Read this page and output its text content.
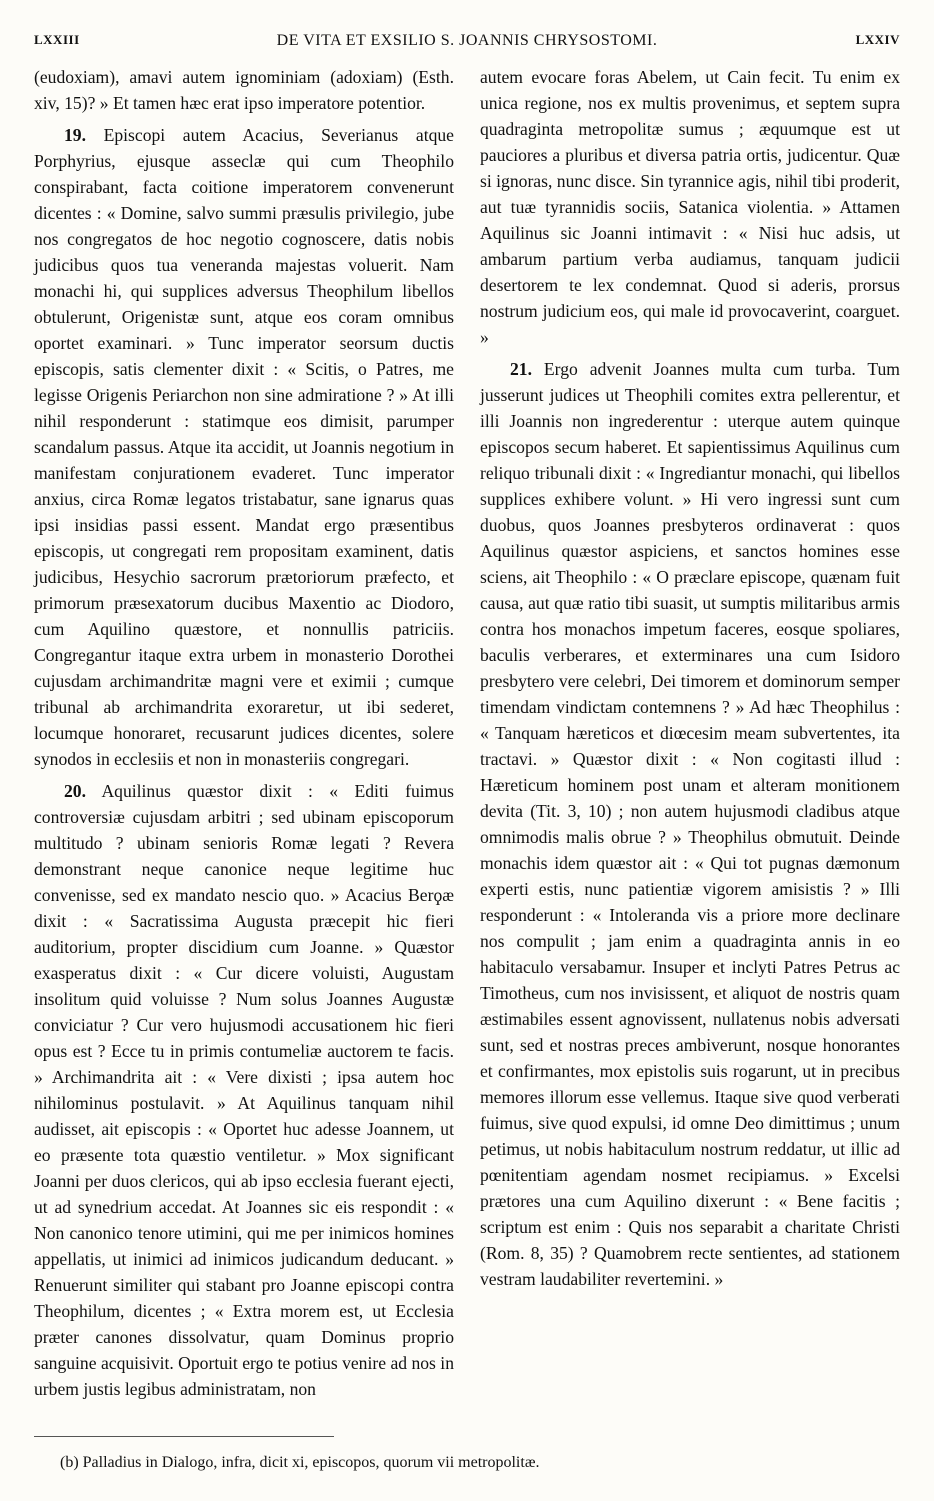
LXXIII	DE VITA ET EXSILIO S. JOANNIS CHRYSOSTOMI.	LXXIV

(eudoxiam), amavi autem ignominiam (adoxiam) (Esth. xiv, 15)? » Et tamen hæc erat ipso imperatore potentior.

19. Episcopi autem Acacius, Severianus atque Porphyrius, ejusque asseclæ qui cum Theophilo conspirabant, facta coitione imperatorem convenerunt dicentes : « Domine, salvo summi præsulis privilegio, jube nos congregatos de hoc negotio cognoscere, datis nobis judicibus quos tua veneranda majestas voluerit. Nam monachi hi, qui supplices adversus Theophilum libellos obtulerunt, Origenistæ sunt, atque eos coram omnibus oportet examinari. » Tunc imperator seorsum ductis episcopis, satis clementer dixit : « Scitis, o Patres, me legisse Origenis Periarchon non sine admiratione ? » At illi nihil responderunt : statimque eos dimisit, parumper scandalum passus. Atque ita accidit, ut Joannis negotium in manifestam conjurationem evaderet. Tunc imperator anxius, circa Romæ legatos tristabatur, sane ignarus quas ipsi insidias passi essent. Mandat ergo præsentibus episcopis, ut congregati rem propositam examinent, datis judicibus, Hesychio sacrorum prætoriorum præfecto, et primorum præsexatorum ducibus Maxentio ac Diodoro, cum Aquilino quæstore, et nonnullis patriciis. Congregantur itaque extra urbem in monasterio Dorothei cujusdam archimandritæ magni vere et eximii ; cumque tribunal ab archimandrita exoraretur, ut ibi sederet, locumque honoraret, recusarunt judices dicentes, solere synodos in ecclesiis et non in monasteriis congregari.

20. Aquilinus quæstor dixit : « Editi fuimus controversiæ cujusdam arbitri ; sed ubinam episcoporum multitudo ? ubinam senioris Romæ legati ? Revera demonstrant neque canonice neque legitime huc convenisse, sed ex mandato nescio quo. » Acacius Berϙæ dixit : « Sacratissima Augusta præcepit hic fieri auditorium, propter discidium cum Joanne. » Quæstor exasperatus dixit : « Cur dicere voluisti, Augustam insolitum quid voluisse ? Num solus Joannes Augustæ conviciatur ? Cur vero hujusmodi accusationem hic fieri opus est ? Ecce tu in primis contumeliæ auctorem te facis. » Archimandrita ait : « Vere dixisti ; ipsa autem hoc nihilominus postulavit. » At Aquilinus tanquam nihil audisset, ait episcopis : « Oportet huc adesse Joannem, ut eo præsente tota quæstio ventiletur. » Mox significant Joanni per duos clericos, qui ab ipso ecclesia fuerant ejecti, ut ad synedrium accedat. At Joannes sic eis respondit : « Non canonico tenore utimini, qui me per inimicos homines appellatis, ut inimici ad inimicos judicandum deducant. » Renuerunt similiter qui stabant pro Joanne episcopi contra Theophilum, dicentes ; « Extra morem est, ut Ecclesia præter canones dissolvatur, quam Dominus proprio sanguine acquisivit. Oportuit ergo te potius venire ad nos in urbem justis legibus administratam, non

autem evocare foras Abelem, ut Cain fecit. Tu enim ex unica regione, nos ex multis provenimus, et septem supra quadraginta metropolitæ sumus ; æquumque est ut pauciores a pluribus et diversa patria ortis, judicentur. Quæ si ignoras, nunc disce. Sin tyrannice agis, nihil tibi proderit, aut tuæ tyrannidis sociis, Satanica violentia. » Attamen Aquilinus sic Joanni intimavit : « Nisi huc adsis, ut ambarum partium verba audiamus, tanquam judicii desertorem te lex condemnat. Quod si aderis, prorsus nostrum judicium eos, qui male id provocaverint, coarguet. »

21. Ergo advenit Joannes multa cum turba. Tum jusserunt judices ut Theophili comites extra pellerentur, et illi Joannis non ingrederentur : uterque autem quinque episcopos secum haberet. Et sapientissimus Aquilinus cum reliquo tribunali dixit : « Ingrediantur monachi, qui libellos supplices exhibere volunt. » Hi vero ingressi sunt cum duobus, quos Joannes presbyteros ordinaverat : quos Aquilinus quæstor aspiciens, et sanctos homines esse sciens, ait Theophilo : « O præclare episcope, quænam fuit causa, aut quæ ratio tibi suasit, ut sumptis militaribus armis contra hos monachos impetum faceres, eosque spoliares, baculis verberares, et exterminares una cum Isidoro presbytero vere celebri, Dei timorem et dominorum semper timendam vindictam contemnens ? » Ad hæc Theophilus : « Tanquam hæreticos et diœcesim meam subvertentes, ita tractavi. » Quæstor dixit : « Non cogitasti illud : Hæreticum hominem post unam et alteram monitionem devita (Tit. 3, 10) ; non autem hujusmodi cladibus atque omnimodis malis obrue ? » Theophilus obmutuit. Deinde monachis idem quæstor ait : « Qui tot pugnas dæmonum experti estis, nunc patientiæ vigorem amisistis ? » Illi responderunt : « Intoleranda vis a priore more declinare nos compulit ; jam enim a quadraginta annis in eo habitaculo versabamur. Insuper et inclyti Patres Petrus ac Timotheus, cum nos invisissent, et aliquot de nostris quam æstimabiles essent agnovissent, nullatenus nobis adversati sunt, sed et nostras preces ambiverunt, nosque honorantes et confirmantes, mox epistolis suis rogarunt, ut in precibus memores illorum esse vellemus. Itaque sive quod verberati fuimus, sive quod expulsi, id omne Deo dimittimus ; unum petimus, ut nobis habitaculum nostrum reddatur, ut illic ad pœnitentiam agendam nosmet recipiamus. » Excelsi prætores una cum Aquilino dixerunt : « Bene facitis ; scriptum est enim : Quis nos separabit a charitate Christi (Rom. 8, 35) ? Quamobrem recte sentientes, ad stationem vestram laudabiliter revertemini. »

(b) Palladius in Dialogo, infra, dicit xi, episcopos, quorum vii metropolitæ.
